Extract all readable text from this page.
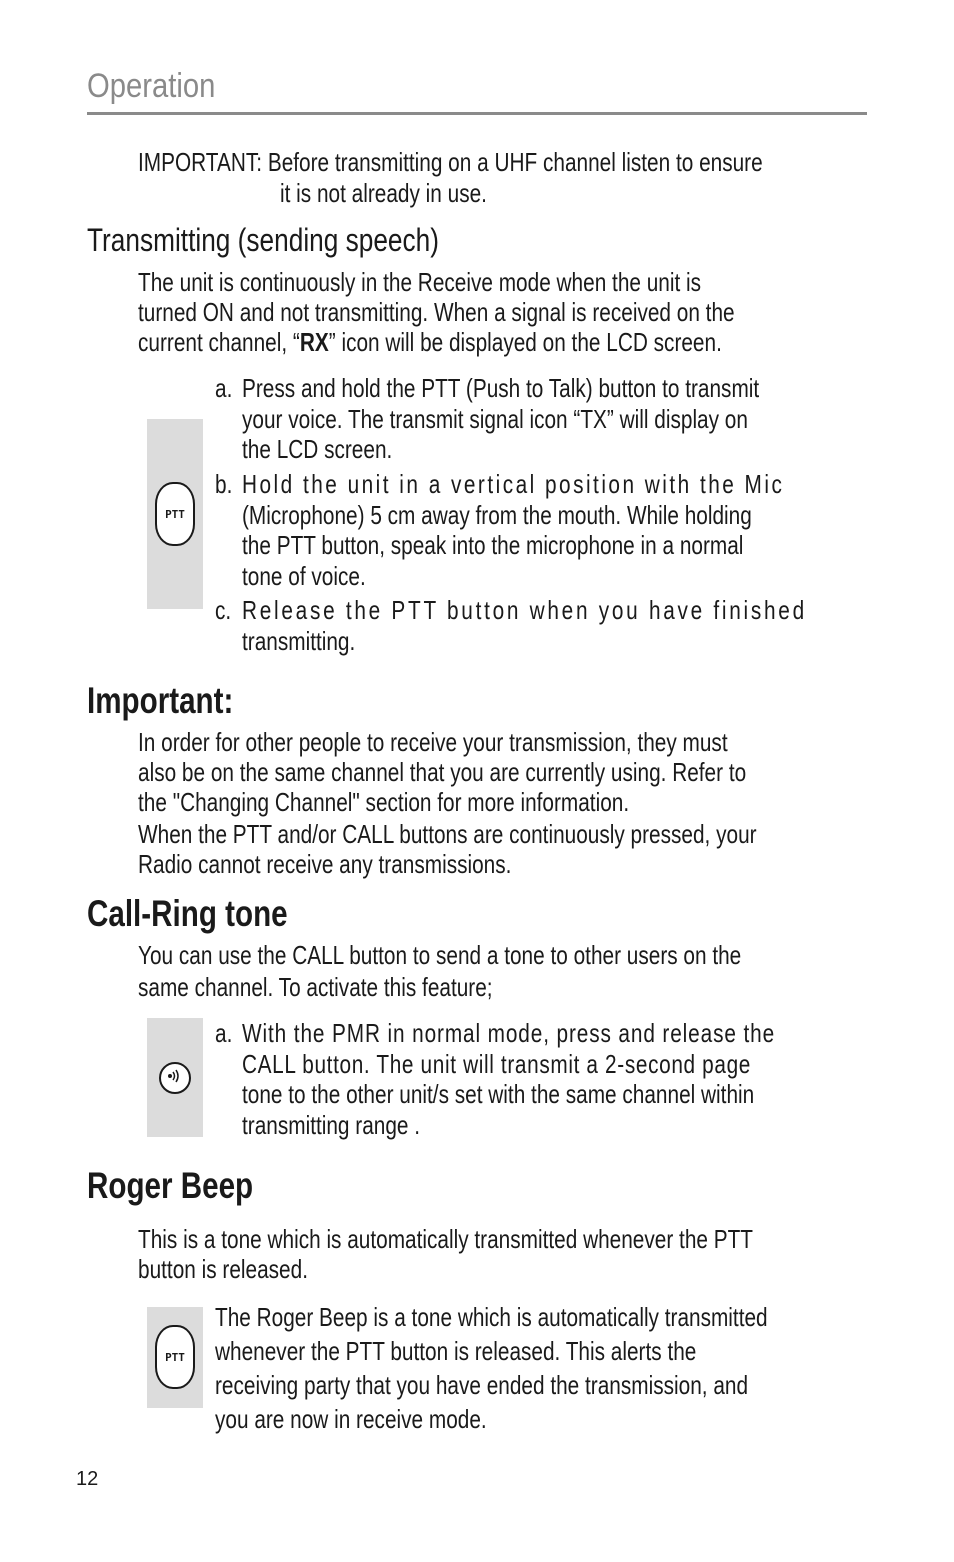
Operation
IMPORTANT: Before transmitting on a UHF channel listen to ensure
it is not already in use.
Transmitting (sending speech)
The unit is continuously in the Receive mode when the unit is
turned ON and not transmitting. When a signal is received on the
current channel, “RX” icon will be displayed on the LCD screen.
PTT
a. Press and hold the PTT (Push to Talk) button to transmit
your voice. The transmit signal icon “TX” will display on
the LCD screen.
b. Hold the unit in a vertical position with the Mic
(Microphone) 5 cm away from the mouth. While holding
the PTT button, speak into the microphone in a normal
tone of voice.
c. Release the PTT button when you have finished
transmitting.
Important:
In order for other people to receive your transmission, they must
also be on the same channel that you are currently using. Refer to
the "Changing Channel" section for more information.
When the PTT and/or CALL buttons are continuously pressed, your
Radio cannot receive any transmissions.
Call-Ring tone
You can use the CALL button to send a tone to other users on the
same channel. To activate this feature;
a. With the PMR in normal mode, press and release the
CALL button. The unit will transmit a 2-second page
tone to the other unit/s set with the same channel within
transmitting range .
Roger Beep
This is a tone which is automatically transmitted whenever the PTT
button is released.
PTT
The Roger Beep is a tone which is automatically transmitted
whenever the PTT button is released. This alerts the
receiving party that you have ended the transmission, and
you are now in receive mode.
12
